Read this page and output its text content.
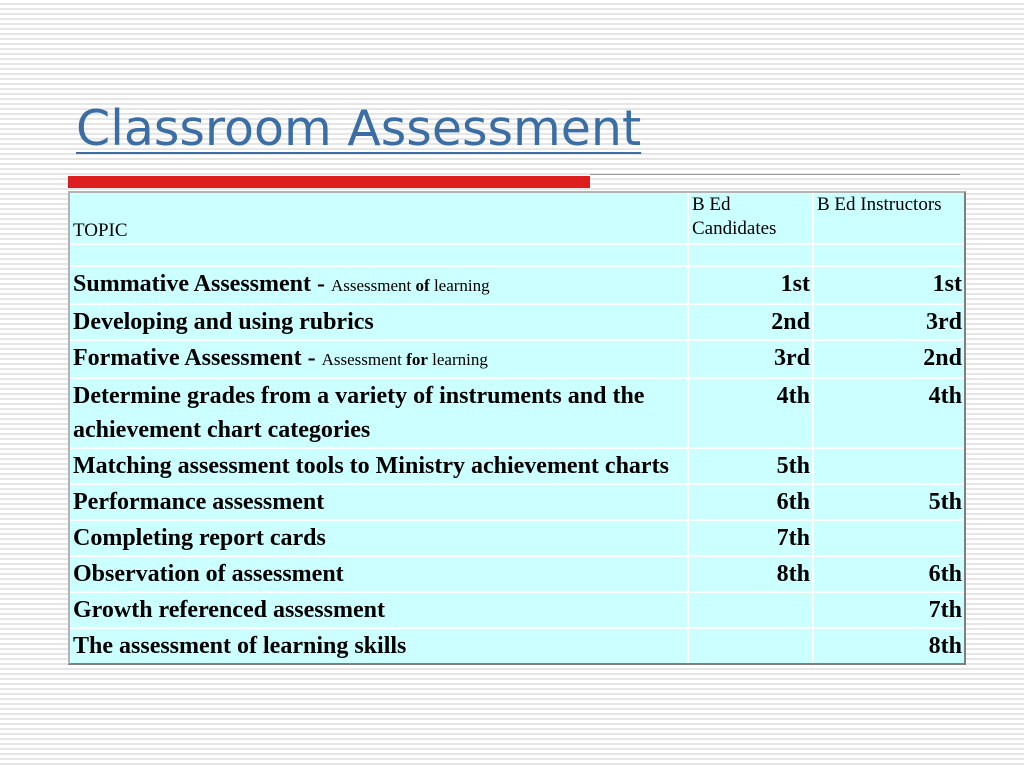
Classroom Assessment
TOPIC	B Ed Candidates	B Ed Instructors

Summative Assessment - Assessment of learning	1st	1st
Developing and using rubrics	2nd	3rd
Formative Assessment - Assessment for learning	3rd	2nd
Determine grades from a variety of instruments and the achievement chart categories	4th	4th
Matching assessment tools to Ministry achievement charts	5th	
Performance assessment	6th	5th
Completing report cards	7th	
Observation of assessment	8th	6th
Growth referenced assessment		7th
The assessment of learning skills		8th
